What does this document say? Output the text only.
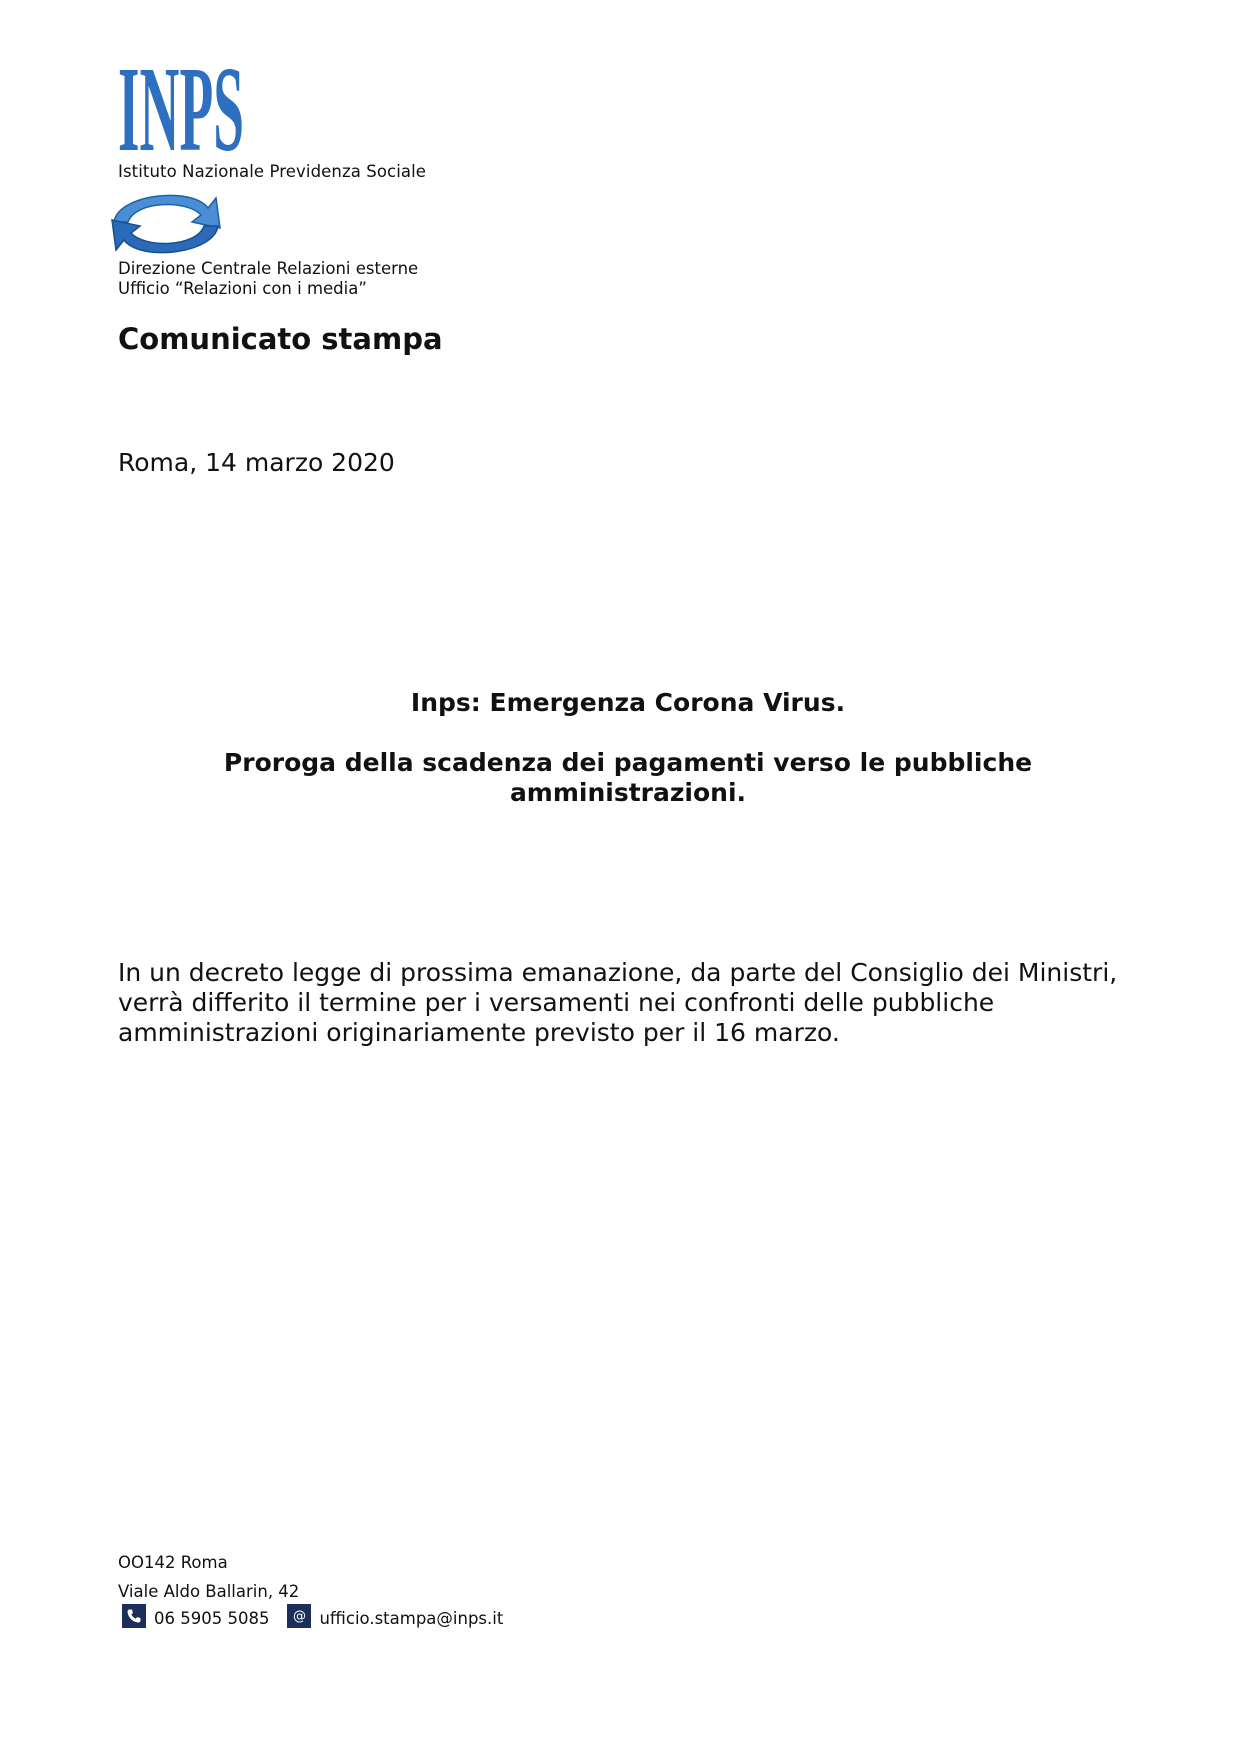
INPS
Istituto Nazionale Previdenza Sociale
Direzione Centrale Relazioni esterne
Ufficio “Relazioni con i media”
Comunicato stampa
Roma, 14 marzo 2020
Inps: Emergenza Corona Virus.
Proroga della scadenza dei pagamenti verso le pubbliche
amministrazioni.
In un decreto legge di prossima emanazione, da parte del Consiglio dei Ministri,
verrà differito il termine per i versamenti nei confronti delle pubbliche
amministrazioni originariamente previsto per il 16 marzo.
OO142 Roma
Viale Aldo Ballarin, 42
06 5905 5085	@ ufficio.stampa@inps.it
